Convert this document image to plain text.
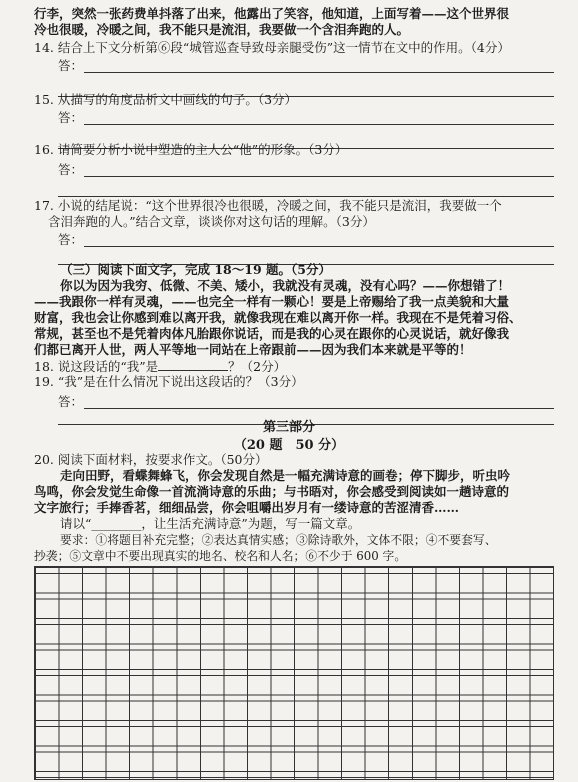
行李，突然一张药费单抖落了出来，他露出了笑容，他知道，上面写着——这个世界很
冷也很暖，冷暖之间，我不能只是流泪，我要做一个含泪奔跑的人。
14. 结合上下文分析第⑥段“城管巡查导致母亲腿受伤”这一情节在文中的作用。（4分）
答：
15. 从描写的角度品析文中画线的句子。（3分）
答：
16. 请简要分析小说中塑造的主人公“他”的形象。（3分）
答：
17. 小说的结尾说：“这个世界很冷也很暖，冷暖之间，我不能只是流泪，我要做一个
含泪奔跑的人。”结合文章，谈谈你对这句话的理解。（3分）
答：
（三）阅读下面文字，完成 18～19 题。（5分）
你以为因为我穷、低微、不美、矮小，我就没有灵魂，没有心吗？——你想错了！
——我跟你一样有灵魂，——也完全一样有一颗心！要是上帝赐给了我一点美貌和大量
财富，我也会让你感到难以离开我，就像我现在难以离开你一样。我现在不是凭着习俗、
常规，甚至也不是凭着肉体凡胎跟你说话，而是我的心灵在跟你的心灵说话，就好像我
们都已离开人世，两人平等地一同站在上帝跟前——因为我们本来就是平等的！
18. 说这段话的“我”是	？（2分）
19. “我”是在什么情况下说出这段话的？（3分）
答：
第三部分
（20 题　50 分）
20. 阅读下面材料，按要求作文。（50分）
走向田野，看蝶舞蜂飞，你会发现自然是一幅充满诗意的画卷；停下脚步，听虫吟
鸟鸣，你会发觉生命像一首流淌诗意的乐曲；与书晤对，你会感受到阅读如一趟诗意的
文字旅行；手捧香茗，细细品尝，你会咀嚼出岁月有一缕诗意的苦涩清香……
请以“________，让生活充满诗意”为题，写一篇文章。
要求：①将题目补充完整；②表达真情实感；③除诗歌外，文体不限；④不要套写、
抄袭；⑤文章中不要出现真实的地名、校名和人名；⑥不少于 600 字。
